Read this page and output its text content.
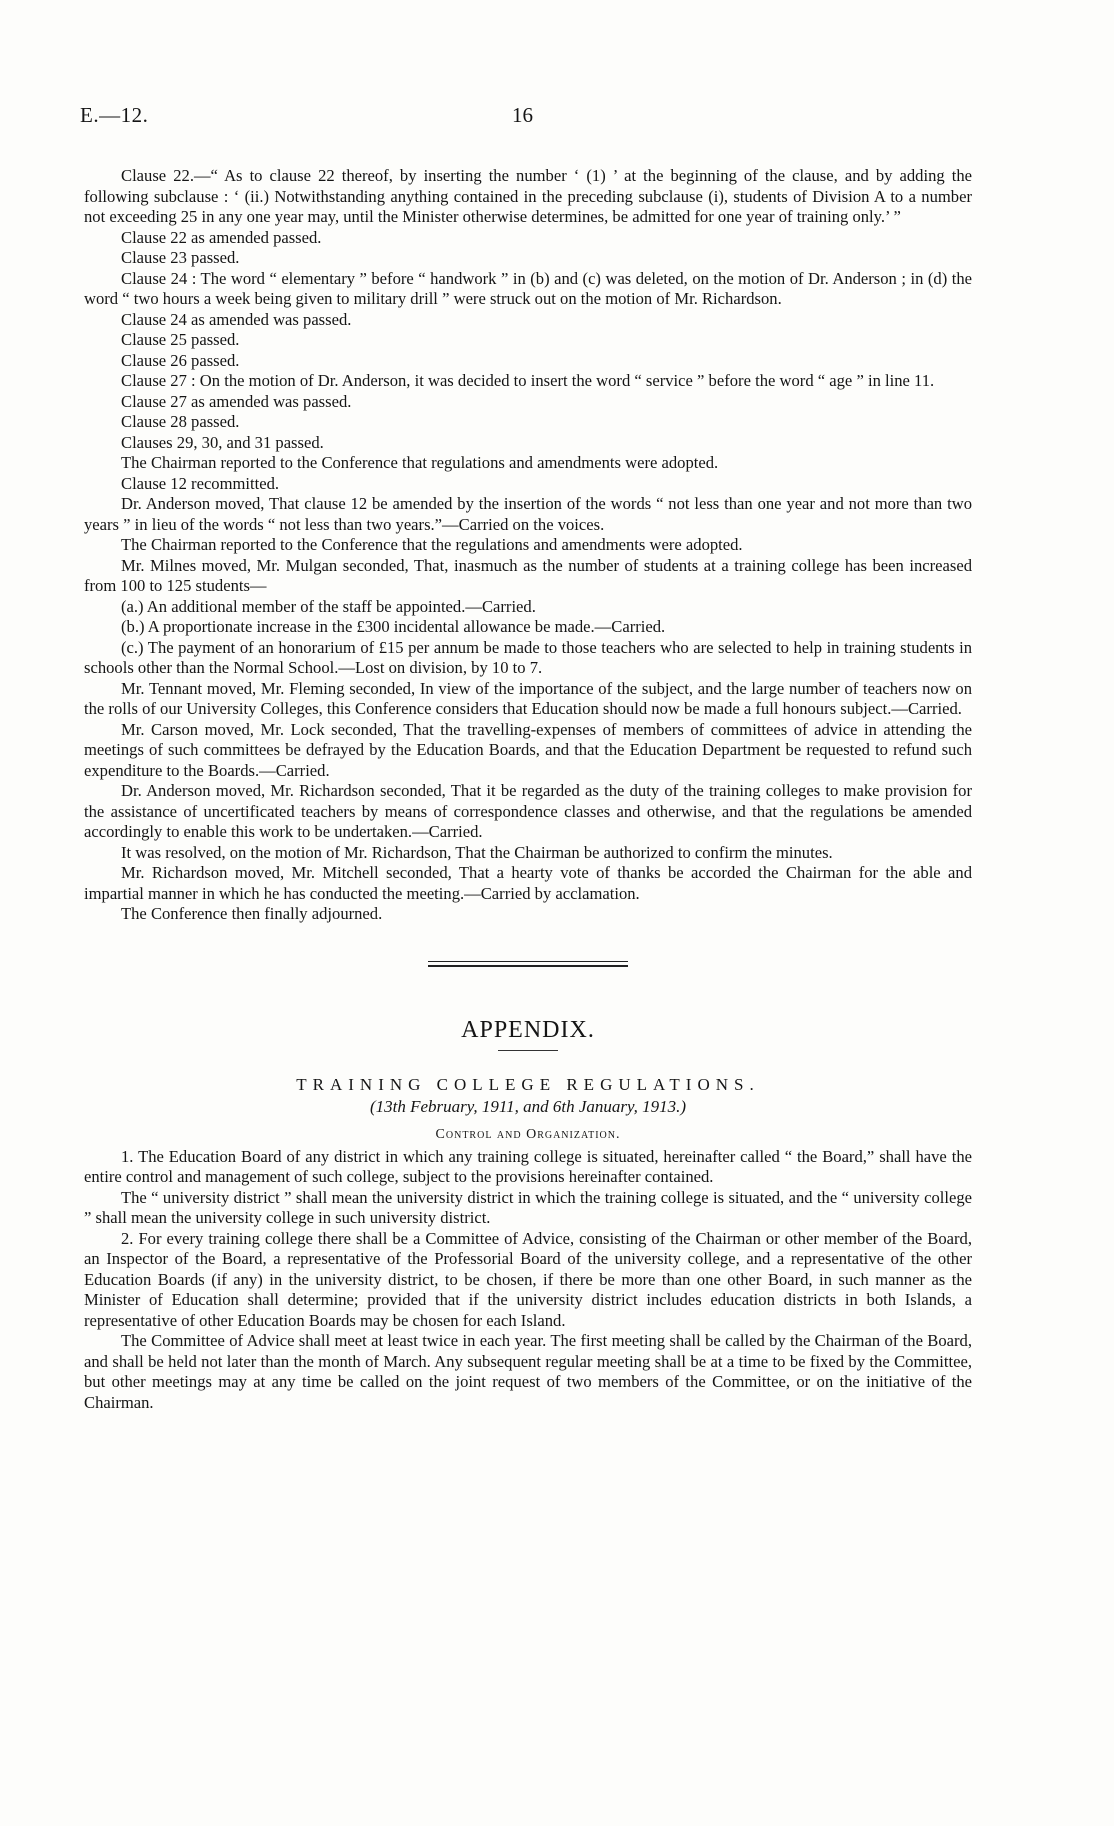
E.—12.	16

Clause 22.—“ As to clause 22 thereof, by inserting the number ‘ (1) ’ at the beginning of the clause, and by adding the following subclause : ‘ (ii.) Notwithstanding anything contained in the preceding subclause (i), students of Division A to a number not exceeding 25 in any one year may, until the Minister otherwise determines, be admitted for one year of training only.’ ”

Clause 22 as amended passed.

Clause 23 passed.

Clause 24 : The word “ elementary ” before “ handwork ” in (b) and (c) was deleted, on the motion of Dr. Anderson ; in (d) the word “ two hours a week being given to military drill ” were struck out on the motion of Mr. Richardson.

Clause 24 as amended was passed.

Clause 25 passed.

Clause 26 passed.

Clause 27 : On the motion of Dr. Anderson, it was decided to insert the word “ service ” before the word “ age ” in line 11.

Clause 27 as amended was passed.

Clause 28 passed.

Clauses 29, 30, and 31 passed.

The Chairman reported to the Conference that regulations and amendments were adopted.

Clause 12 recommitted.

Dr. Anderson moved, That clause 12 be amended by the insertion of the words “ not less than one year and not more than two years ” in lieu of the words “ not less than two years.”—Carried on the voices.

The Chairman reported to the Conference that the regulations and amendments were adopted.

Mr. Milnes moved, Mr. Mulgan seconded, That, inasmuch as the number of students at a training college has been increased from 100 to 125 students—

(a.) An additional member of the staff be appointed.—Carried.

(b.) A proportionate increase in the £300 incidental allowance be made.—Carried.

(c.) The payment of an honorarium of £15 per annum be made to those teachers who are selected to help in training students in schools other than the Normal School.—Lost on division, by 10 to 7.

Mr. Tennant moved, Mr. Fleming seconded, In view of the importance of the subject, and the large number of teachers now on the rolls of our University Colleges, this Conference considers that Education should now be made a full honours subject.—Carried.

Mr. Carson moved, Mr. Lock seconded, That the travelling-expenses of members of committees of advice in attending the meetings of such committees be defrayed by the Education Boards, and that the Education Department be requested to refund such expenditure to the Boards.—Carried.

Dr. Anderson moved, Mr. Richardson seconded, That it be regarded as the duty of the training colleges to make provision for the assistance of uncertificated teachers by means of correspondence classes and otherwise, and that the regulations be amended accordingly to enable this work to be undertaken.—Carried.

It was resolved, on the motion of Mr. Richardson, That the Chairman be authorized to confirm the minutes.

Mr. Richardson moved, Mr. Mitchell seconded, That a hearty vote of thanks be accorded the Chairman for the able and impartial manner in which he has conducted the meeting.—Carried by acclamation.

The Conference then finally adjourned.

APPENDIX.
TRAINING COLLEGE REGULATIONS.
(13th February, 1911, and 6th January, 1913.)
Control and Organization.

1. The Education Board of any district in which any training college is situated, hereinafter called “ the Board,” shall have the entire control and management of such college, subject to the provisions hereinafter contained.

The “ university district ” shall mean the university district in which the training college is situated, and the “ university college ” shall mean the university college in such university district.

2. For every training college there shall be a Committee of Advice, consisting of the Chairman or other member of the Board, an Inspector of the Board, a representative of the Professorial Board of the university college, and a representative of the other Education Boards (if any) in the university district, to be chosen, if there be more than one other Board, in such manner as the Minister of Education shall determine; provided that if the university district includes education districts in both Islands, a representative of other Education Boards may be chosen for each Island.

The Committee of Advice shall meet at least twice in each year. The first meeting shall be called by the Chairman of the Board, and shall be held not later than the month of March. Any subsequent regular meeting shall be at a time to be fixed by the Committee, but other meetings may at any time be called on the joint request of two members of the Committee, or on the initiative of the Chairman.
